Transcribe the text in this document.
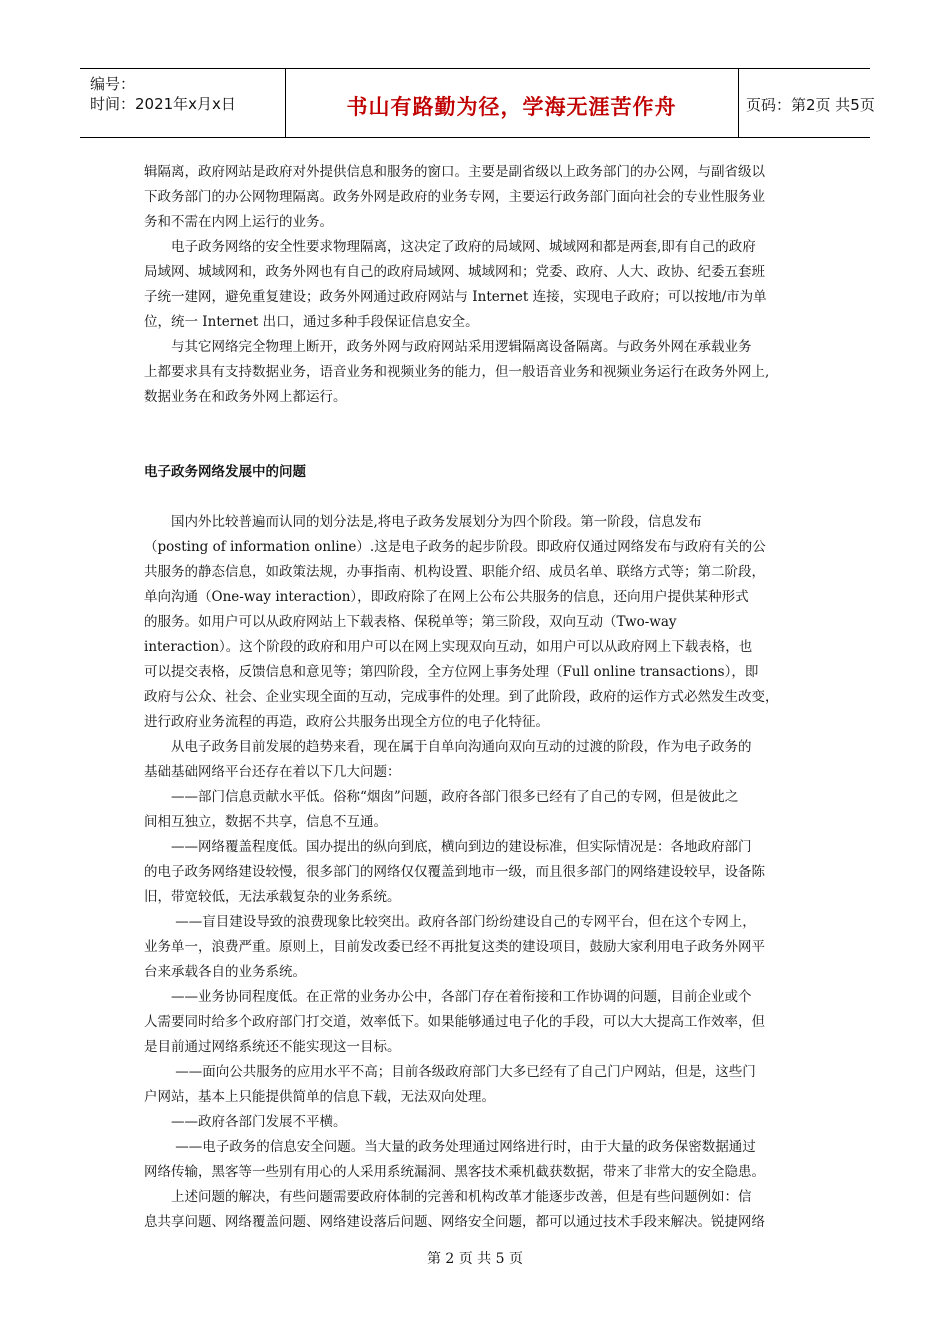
编号：
时间：2021年x月x日	书山有路勤为径，学海无涯苦作舟	页码：第2页 共5页
辑隔离，政府网站是政府对外提供信息和服务的窗口。主要是副省级以上政务部门的办公网，与副省级以
下政务部门的办公网物理隔离。政务外网是政府的业务专网，主要运行政务部门面向社会的专业性服务业
务和不需在内网上运行的业务。
　　电子政务网络的安全性要求物理隔离，这决定了政府的局域网、城域网和都是两套,即有自己的政府
局域网、城域网和，政务外网也有自己的政府局域网、城域网和；党委、政府、人大、政协、纪委五套班
子统一建网，避免重复建设；政务外网通过政府网站与 Internet 连接，实现电子政府；可以按地/市为单
位，统一 Internet 出口，通过多种手段保证信息安全。
　　与其它网络完全物理上断开，政务外网与政府网站采用逻辑隔离设备隔离。与政务外网在承载业务
上都要求具有支持数据业务，语音业务和视频业务的能力，但一般语音业务和视频业务运行在政务外网上,
数据业务在和政务外网上都运行。
电子政务网络发展中的问题
　　国内外比较普遍而认同的划分法是,将电子政务发展划分为四个阶段。第一阶段，信息发布
（posting of information online）.这是电子政务的起步阶段。即政府仅通过网络发布与政府有关的公
共服务的静态信息，如政策法规，办事指南、机构设置、职能介绍、成员名单、联络方式等；第二阶段，
单向沟通（One-way interaction），即政府除了在网上公布公共服务的信息，还向用户提供某种形式
的服务。如用户可以从政府网站上下载表格、保税单等；第三阶段，双向互动（Two-way
interaction）。这个阶段的政府和用户可以在网上实现双向互动，如用户可以从政府网上下载表格，也
可以提交表格，反馈信息和意见等；第四阶段，全方位网上事务处理（Full online transactions），即
政府与公众、社会、企业实现全面的互动，完成事件的处理。到了此阶段，政府的运作方式必然发生改变，
进行政府业务流程的再造，政府公共服务出现全方位的电子化特征。
　　从电子政务目前发展的趋势来看，现在属于自单向沟通向双向互动的过渡的阶段，作为电子政务的
基础基础网络平台还存在着以下几大问题：
　　——部门信息贡献水平低。俗称“烟囱”问题，政府各部门很多已经有了自己的专网，但是彼此之
间相互独立，数据不共享，信息不互通。
　　——网络覆盖程度低。国办提出的纵向到底，横向到边的建设标准，但实际情况是：各地政府部门
的电子政务网络建设较慢，很多部门的网络仅仅覆盖到地市一级，而且很多部门的网络建设较早，设备陈
旧，带宽较低，无法承载复杂的业务系统。
　　 ——盲目建设导致的浪费现象比较突出。政府各部门纷纷建设自己的专网平台，但在这个专网上，
业务单一，浪费严重。原则上，目前发改委已经不再批复这类的建设项目，鼓励大家利用电子政务外网平
台来承载各自的业务系统。
　　——业务协同程度低。在正常的业务办公中，各部门存在着衔接和工作协调的问题，目前企业或个
人需要同时给多个政府部门打交道，效率低下。如果能够通过电子化的手段，可以大大提高工作效率，但
是目前通过网络系统还不能实现这一目标。
　　 ——面向公共服务的应用水平不高；目前各级政府部门大多已经有了自己门户网站，但是，这些门
户网站，基本上只能提供简单的信息下载，无法双向处理。
　　——政府各部门发展不平横。
　　 ——电子政务的信息安全问题。当大量的政务处理通过网络进行时，由于大量的政务保密数据通过
网络传输，黑客等一些别有用心的人采用系统漏洞、黑客技术乘机截获数据，带来了非常大的安全隐患。
　　上述问题的解决，有些问题需要政府体制的完善和机构改革才能逐步改善，但是有些问题例如：信
息共享问题、网络覆盖问题、网络建设落后问题、网络安全问题，都可以通过技术手段来解决。锐捷网络
第 2 页 共 5 页
